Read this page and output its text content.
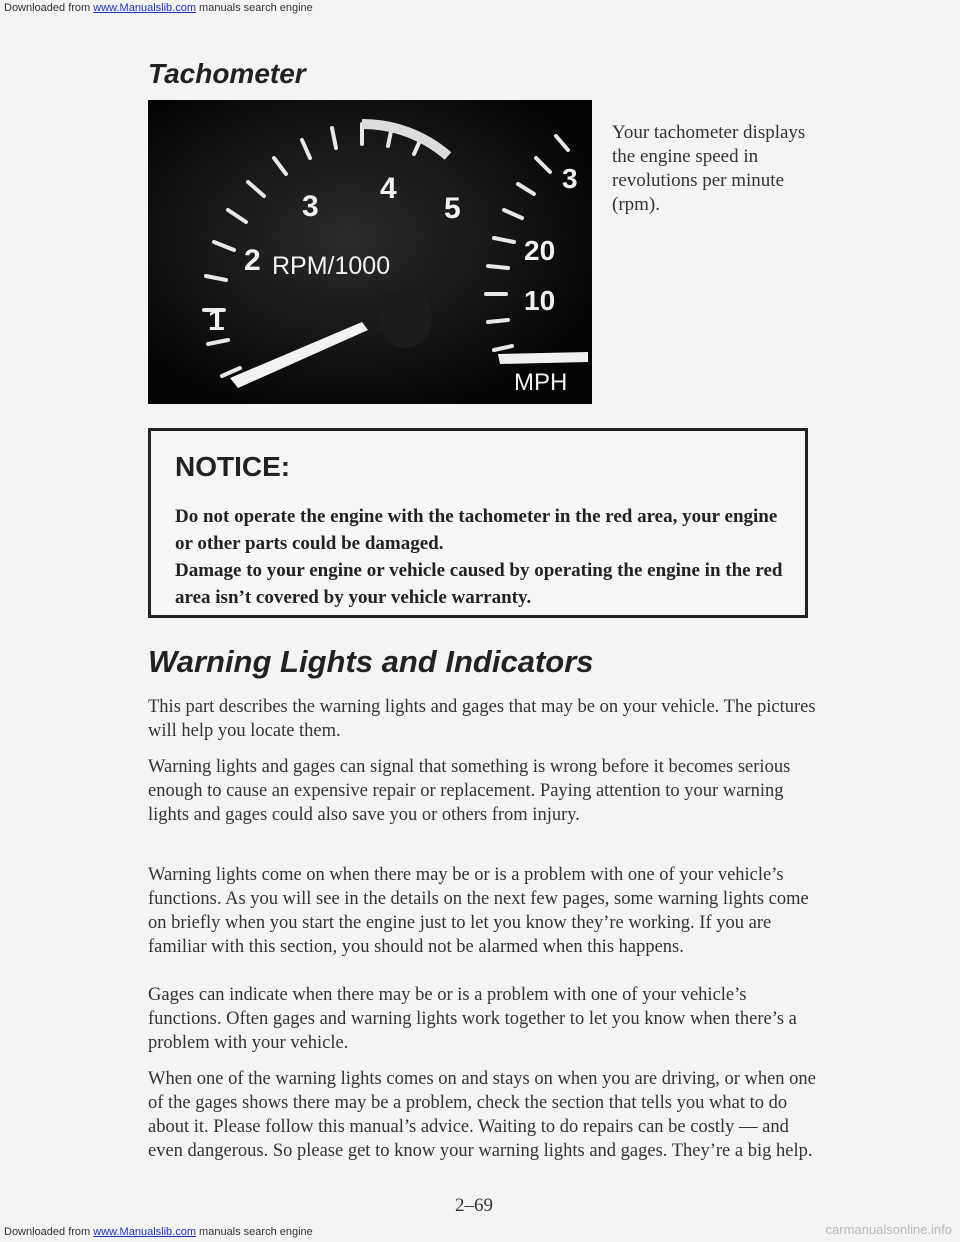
Downloaded from www.Manualslib.com manuals search engine
Tachometer
1
2
3
4
5
RPM/1000
3
20
10
MPH

Your tachometer displays the engine speed in revolutions per minute (rpm).

NOTICE:

Do not operate the engine with the tachometer in the red area, your engine or other parts could be damaged.

Damage to your engine or vehicle caused by operating the engine in the red area isn’t covered by your vehicle warranty.

Warning Lights and Indicators

This part describes the warning lights and gages that may be on your vehicle. The pictures will help you locate them.

Warning lights and gages can signal that something is wrong before it becomes serious enough to cause an expensive repair or replacement. Paying attention to your warning lights and gages could also save you or others from injury.

Warning lights come on when there may be or is a problem with one of your vehicle’s functions. As you will see in the details on the next few pages, some warning lights come on briefly when you start the engine just to let you know they’re working. If you are familiar with this section, you should not be alarmed when this happens.

Gages can indicate when there may be or is a problem with one of your vehicle’s functions. Often gages and warning lights work together to let you know when there’s a problem with your vehicle.

When one of the warning lights comes on and stays on when you are driving, or when one of the gages shows there may be a problem, check the section that tells you what to do about it. Please follow this manual’s advice. Waiting to do repairs can be costly — and even dangerous. So please get to know your warning lights and gages. They’re a big help.

2–69
Downloaded from www.Manualslib.com manuals search engine	carmanualsonline.info
